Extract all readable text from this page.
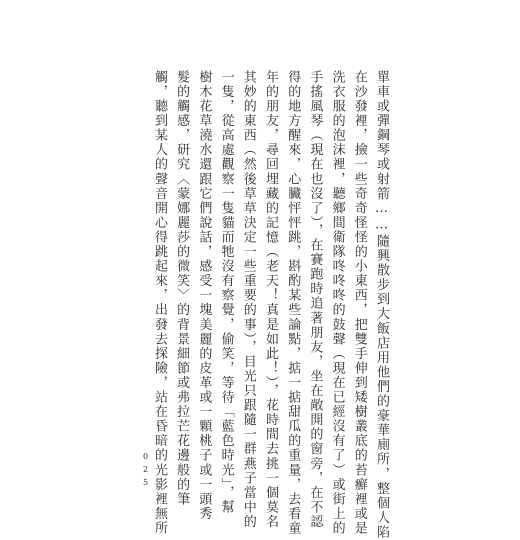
單車或彈鋼琴或射箭……隨興散步到大飯店用他們的豪華廁所，整個人陷
在沙發裡，撿一些奇奇怪怪的小東西，把雙手伸到矮樹叢底的苔癬裡或是
洗衣服的泡沫裡，聽鄉間衛隊咚咚咚的鼓聲（現在已經沒有了）或街上的
手搖風琴（現在也沒了），在賽跑時追著朋友，坐在敞開的窗旁，在不認
得的地方醒來，心臟怦怦跳，斟酌某些論點，掂一掂甜瓜的重量，去看童
年的朋友，尋回埋藏的記憶（老天！真是如此！），花時間去挑一個莫名
其妙的東西（然後草草決定一些重要的事），目光只跟隨一群燕子當中的
一隻，從高處觀察一隻貓而牠沒有察覺，偷笑，等待「藍色時光」，幫
樹木花草澆水還跟它們說話，感受一塊美麗的皮革或一顆桃子或一頭秀
髮的觸感，研究〈蒙娜麗莎的微笑〉的背景細節或弗拉芒花邊般的筆
觸，聽到某人的聲音開心得跳起來，出發去探險，站在昏暗的光影裡無所
025
